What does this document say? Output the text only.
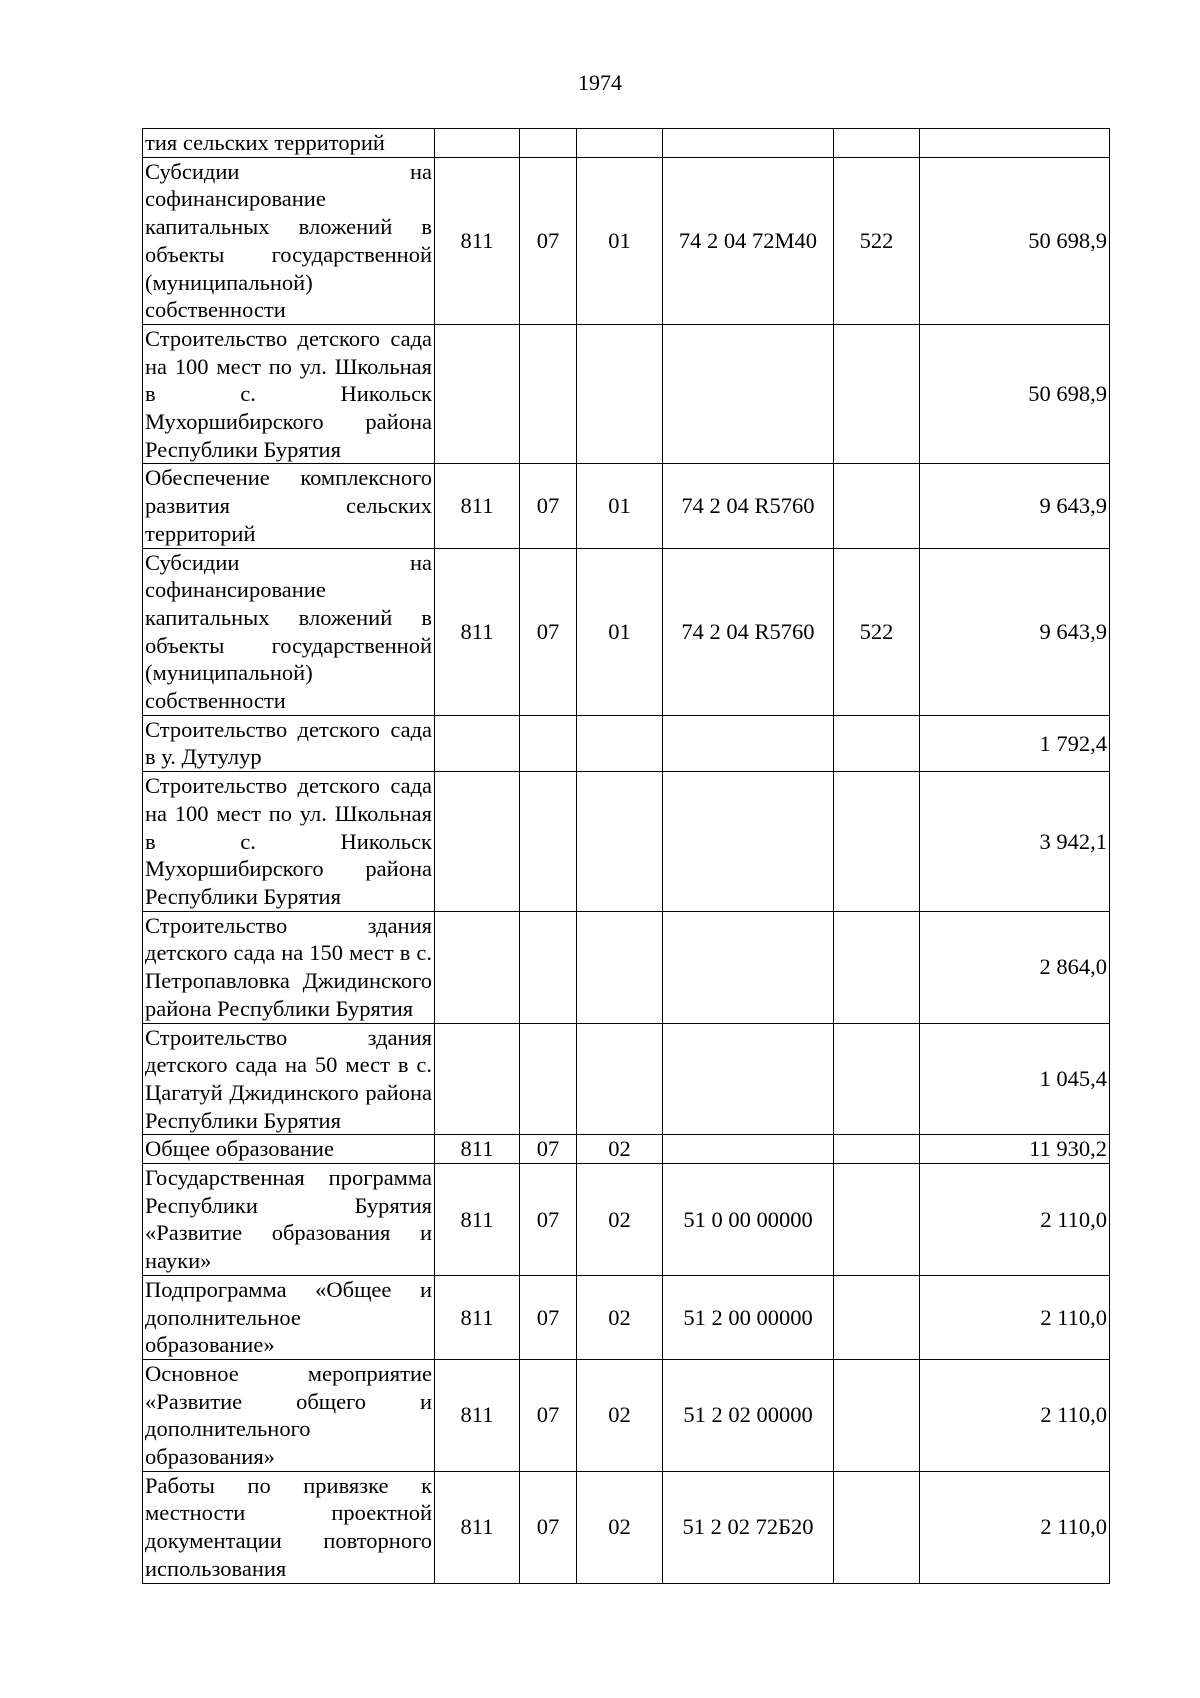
1974
тия сельских территорий						
Субсидии на софинансирование капитальных вложений в объекты государственной (муниципальной) собственности	811	07	01	74 2 04 72М40	522	50 698,9
Строительство детского сада на 100 мест по ул. Школьная в с. Никольск Мухоршибирского района Республики Бурятия						50 698,9
Обеспечение комплексного развития сельских территорий	811	07	01	74 2 04 R5760		9 643,9
Субсидии на софинансирование капитальных вложений в объекты государственной (муниципальной) собственности	811	07	01	74 2 04 R5760	522	9 643,9
Строительство детского сада в у. Дутулур						1 792,4
Строительство детского сада на 100 мест по ул. Школьная в с. Никольск Мухоршибирского района Республики Бурятия						3 942,1
Строительство здания детского сада на 150 мест в с. Петропавловка Джидинского района Республики Бурятия						2 864,0
Строительство здания детского сада на 50 мест в с. Цагатуй Джидинского района Республики Бурятия						1 045,4
Общее образование	811	07	02			11 930,2
Государственная программа Республики Бурятия «Развитие образования и науки»	811	07	02	51 0 00 00000		2 110,0
Подпрограмма «Общее и дополнительное образование»	811	07	02	51 2 00 00000		2 110,0
Основное мероприятие «Развитие общего и дополнительного образования»	811	07	02	51 2 02 00000		2 110,0
Работы по привязке к местности проектной документации повторного использования	811	07	02	51 2 02 72Б20		2 110,0
